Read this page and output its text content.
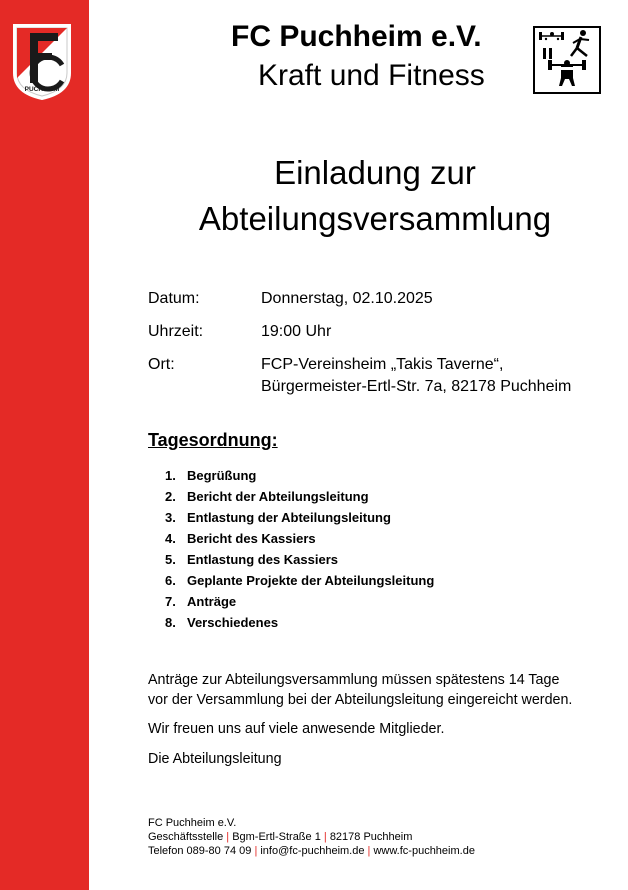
PUCHHEIM
FC Puchheim e.V.
Kraft und Fitness
Einladung zur
Abteilungsversammlung
Datum:	Donnerstag, 02.10.2025
Uhrzeit:	19:00 Uhr
Ort:	FCP-Vereinsheim „Takis Taverne“,
Bürgermeister-Ertl-Str. 7a, 82178 Puchheim
Tagesordnung:
1. Begrüßung
2. Bericht der Abteilungsleitung
3. Entlastung der Abteilungsleitung
4. Bericht des Kassiers
5. Entlastung des Kassiers
6. Geplante Projekte der Abteilungsleitung
7. Anträge
8. Verschiedenes
Anträge zur Abteilungsversammlung müssen spätestens 14 Tage
vor der Versammlung bei der Abteilungsleitung eingereicht werden.
Wir freuen uns auf viele anwesende Mitglieder.
Die Abteilungsleitung
FC Puchheim e.V.
Geschäftsstelle | Bgm-Ertl-Straße 1 | 82178 Puchheim
Telefon 089-80 74 09 | info@fc-puchheim.de | www.fc-puchheim.de
